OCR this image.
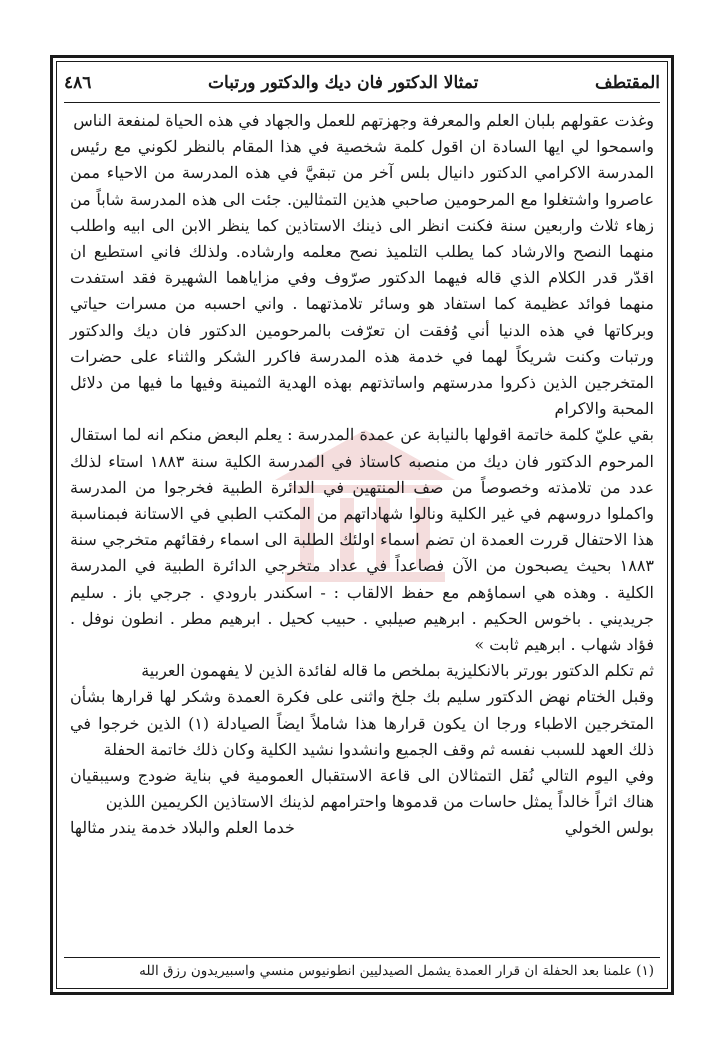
٤٨٦	تمثالا الدكتور فان ديك والدكتور ورتبات	المقتطف

وغذت عقولهم بلبان العلم والمعرفة وجهزتهم للعمل والجهاد في هذه الحياة لمنفعة الناس

واسمحوا لي ايها السادة ان اقول كلمة شخصية في هذا المقام بالنظر لكوني مع رئيس المدرسة الاكرامي الدكتور دانيال بلس آخر من تبقيَّ في هذه المدرسة من الاحياء ممن عاصروا واشتغلوا مع المرحومين صاحبي هذين التمثالين. جئت الى هذه المدرسة شاباً من زهاء ثلاث واربعين سنة فكنت انظر الى ذينك الاستاذين كما ينظر الابن الى ابيه واطلب منهما النصح والارشاد كما يطلب التلميذ نصح معلمه وارشاده. ولذلك فاني استطيع ان اقدّر قدر الكلام الذي قاله فيهما الدكتور صرّوف وفي مزاياهما الشهيرة فقد استفدت منهما فوائد عظيمة كما استفاد هو وسائر تلامذتهما . واني احسبه من مسرات حياتي وبركاتها في هذه الدنيا أني وُفقت ان تعرّفت بالمرحومين الدكتور فان ديك والدكتور ورتبات وكنت شريكاً لهما في خدمة هذه المدرسة فاكرر الشكر والثناء على حضرات المتخرجين الذين ذكروا مدرستهم واساتذتهم بهذه الهدية الثمينة وفيها ما فيها من دلائل المحبة والاكرام

بقي عليّ كلمة خاتمة اقولها بالنيابة عن عمدة المدرسة : يعلم البعض منكم انه لما استقال المرحوم الدكتور فان ديك من منصبه كاستاذ في المدرسة الكلية سنة ١٨٨٣ استاء لذلك عدد من تلامذته وخصوصاً من صف المنتهين في الدائرة الطبية فخرجوا من المدرسة واكملوا دروسهم في غير الكلية ونالوا شهاداتهم من المكتب الطبي في الاستانة فبمناسبة هذا الاحتفال قررت العمدة ان تضم اسماء اولئك الطلبة الى اسماء رفقائهم متخرجي سنة ١٨٨٣ بحيث يصبحون من الآن فصاعداً في عداد متخرجي الدائرة الطبية في المدرسة الكلية . وهذه هي اسماؤهم مع حفظ الالقاب : - اسكندر بارودي . جرجي باز . سليم جريديني . باخوس الحكيم . ابرهيم صيلبي . حبيب كحيل . ابرهيم مطر . انطون نوفل . فؤاد شهاب . ابرهيم ثابت »

ثم تكلم الدكتور بورتر بالانكليزية بملخص ما قاله لفائدة الذين لا يفهمون العربية

وقبل الختام نهض الدكتور سليم بك جلخ واثنى على فكرة العمدة وشكر لها قرارها بشأن المتخرجين الاطباء ورجا ان يكون قرارها هذا شاملاً ايضاً الصيادلة (١) الذين خرجوا في ذلك العهد للسبب نفسه ثم وقف الجميع وانشدوا نشيد الكلية وكان ذلك خاتمة الحفلة

وفي اليوم التالي نُقل التمثالان الى قاعة الاستقبال العمومية في بناية ضودج وسيبقيان هناك اثراً خالداً يمثل حاسات من قدموها واحترامهم لذينك الاستاذين الكريمين اللذين

خدما العلم والبلاد خدمة يندر مثالها	بولس الخولي
(١) علمنا بعد الحفلة ان قرار العمدة يشمل الصيدليين انطونيوس منسي واسبيريدون رزق الله
